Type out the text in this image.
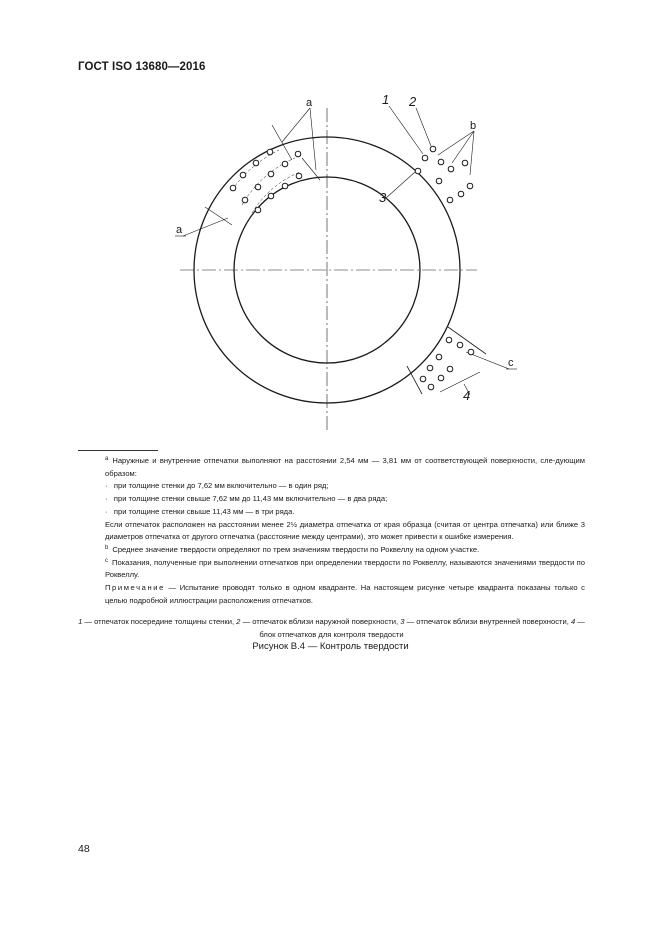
ГОСТ ISO 13680—2016
a
a
b
c
1 2
3
4

$^a$ Наружные и внутренние отпечатки выполняют на расстоянии 2,54 мм — 3,81 мм от соответствующей поверхности, сле-дующим образом:

·   при толщине стенки до 7,62 мм включительно — в один ряд;

·   при толщине стенки свыше 7,62 мм до 11,43 мм включительно — в два ряда;

·   при толщине стенки свыше 11,43 мм — в три ряда.

Если отпечаток расположен на расстоянии менее 2½ диаметра отпечатка от края образца (считая от центра отпечатка) или ближе 3 диаметров отпечатка от другого отпечатка (расстояние между центрами), это может привести к ошибке измерения.

$^b$ Среднее значение твердости определяют по трем значениям твердости по Роквеллу на одном участке.

$^c$ Показания, полученные при выполнении отпечатков при определении твердости по Роквеллу, называются значениями твердости по Роквеллу.

Примечание — Испытание проводят только в одном квадранте. На настоящем рисунке четыре квадранта показаны только с целью подробной иллюстрации расположения отпечатков.

1 — отпечаток посередине толщины стенки, 2 — отпечаток вблизи наружной поверхности, 3 — отпечаток вблизи внутренней поверхности, 4 — блок отпечатков для контроля твердости
Рисунок В.4 — Контроль твердости
48
